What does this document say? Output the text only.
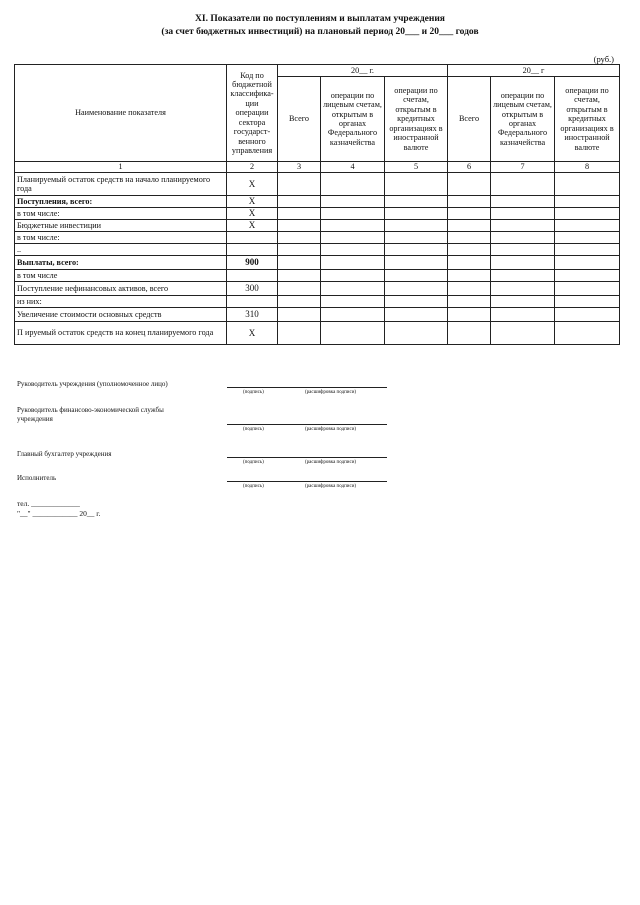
XI. Показатели по поступлениям и выплатам учреждения
(за счет бюджетных инвестиций) на плановый период 20___ и 20___ годов
(руб.)
Наименование показателя	Код по бюджетной классифика-ции операции сектора государст-венного управления	20__ г.			20__ г		
		Всего	операции по лицевым счетам, открытым в органах Федерального казначейства	операции по счетам, открытым в кредитных организациях в иностранной валюте	Всего	операции по лицевым счетам, открытым в органах Федерального казначейства	операции по счетам, открытым в кредитных организациях в иностранной валюте
1	2	3	4	5	6	7	8
Планируемый остаток средств на начало планируемого года	X						
Поступления, всего:	X						
в том числе:	X						
Бюджетные инвестиции	X						
в том числе:							
..							
Выплаты, всего:	900						
в том числе							
Поступление нефинансовых активов, всего	300						
из них:							
Увеличение стоимости основных средств	310						
П ируемый остаток средств на конец планируемого года	X						
Руководитель учреждения (уполномоченное лицо)
(подпись)	(расшифровка подписи)
Руководитель финансово-экономической службы учреждения
(подпись)	(расшифровка подписи)
Главный бухгалтер учреждения
(подпись)	(расшифровка подписи)
Исполнитель
(подпись)	(расшифровка подписи)
тел. _____________
"__" ____________ 20__ г.
